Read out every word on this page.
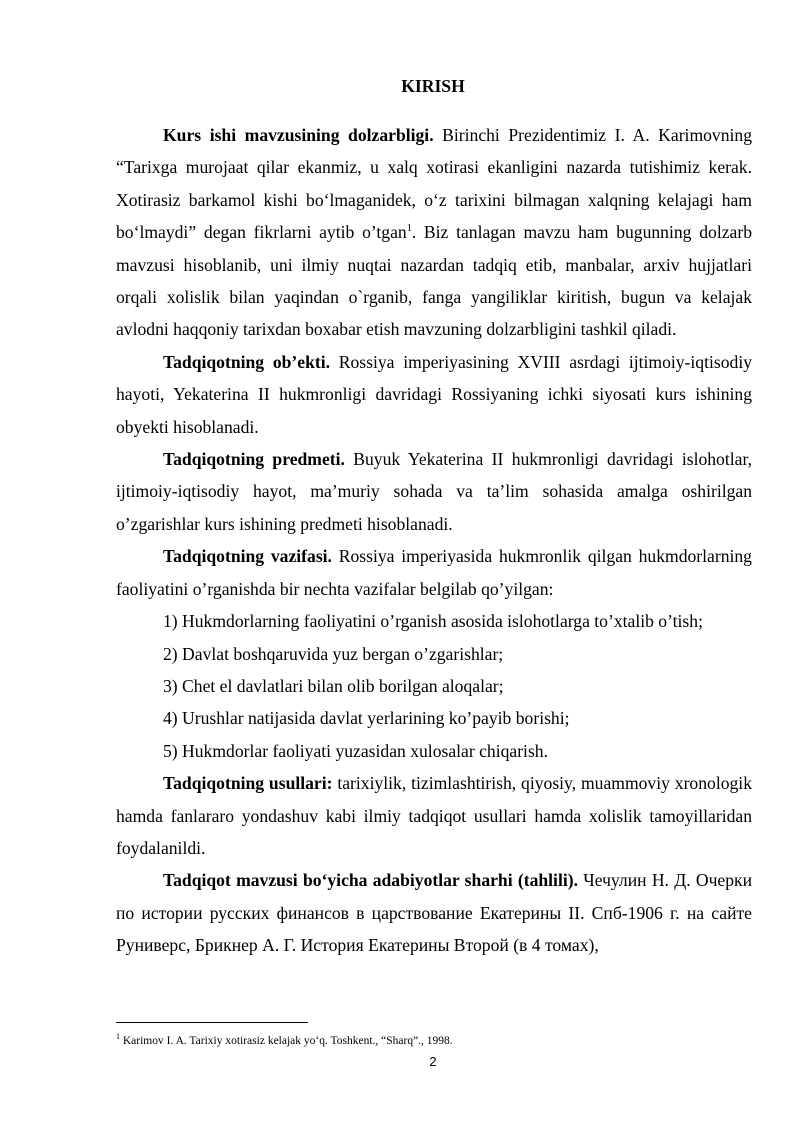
KIRISH

Kurs ishi mavzusining dolzarbligi. Birinchi Prezidentimiz I. A. Karimovning “Tarixga murojaat qilar ekanmiz, u xalq xotirasi ekanligini nazarda tutishimiz kerak. Xotirasiz barkamol kishi bo‘lmaganidek, o‘z tarixini bilmagan xalqning kelajagi ham bo‘lmaydi” degan fikrlarni aytib o’tgan$^1$. Biz tanlagan mavzu ham bugunning dolzarb mavzusi hisoblanib, uni ilmiy nuqtai nazardan tadqiq etib, manbalar, arxiv hujjatlari orqali xolislik bilan yaqindan o`rganib, fanga yangiliklar kiritish, bugun va kelajak avlodni haqqoniy tarixdan boxabar etish mavzuning dolzarbligini tashkil qiladi.

Tadqiqotning ob’ekti. Rossiya imperiyasining XVIII asrdagi ijtimoiy-iqtisodiy hayoti, Yekaterina II hukmronligi davridagi Rossiyaning ichki siyosati kurs ishining obyekti hisoblanadi.

Tadqiqotning predmeti. Buyuk Yekaterina II hukmronligi davridagi islohotlar, ijtimoiy-iqtisodiy hayot, ma’muriy sohada va ta’lim sohasida amalga oshirilgan o’zgarishlar kurs ishining predmeti hisoblanadi.

Tadqiqotning vazifasi. Rossiya imperiyasida hukmronlik qilgan hukmdorlarning faoliyatini o’rganishda bir nechta vazifalar belgilab qo’yilgan:

1) Hukmdorlarning faoliyatini o’rganish asosida islohotlarga to’xtalib o’tish;

2) Davlat boshqaruvida yuz bergan o’zgarishlar;

3) Chet el davlatlari bilan olib borilgan aloqalar;

4) Urushlar natijasida davlat yerlarining ko’payib borishi;

5) Hukmdorlar faoliyati yuzasidan xulosalar chiqarish.

Tadqiqotning usullari: tarixiylik, tizimlashtirish, qiyosiy, muammoviy xronologik hamda fanlararo yondashuv kabi ilmiy tadqiqot usullari hamda xolislik tamoyillaridan foydalanildi.

Tadqiqot mavzusi bo‘yicha adabiyotlar sharhi (tahlili). Чечулин Н. Д. Очерки по истории русских финансов в царствование Екатерины II. Спб-1906 г. на сайте Руниверс, Брикнер А. Г. История Екатерины Второй (в 4 томах),

$^1$ Karimov I. A. Tarixiy xotirasiz kelajak yo‘q. Toshkent., “Sharq”., 1998.
2
